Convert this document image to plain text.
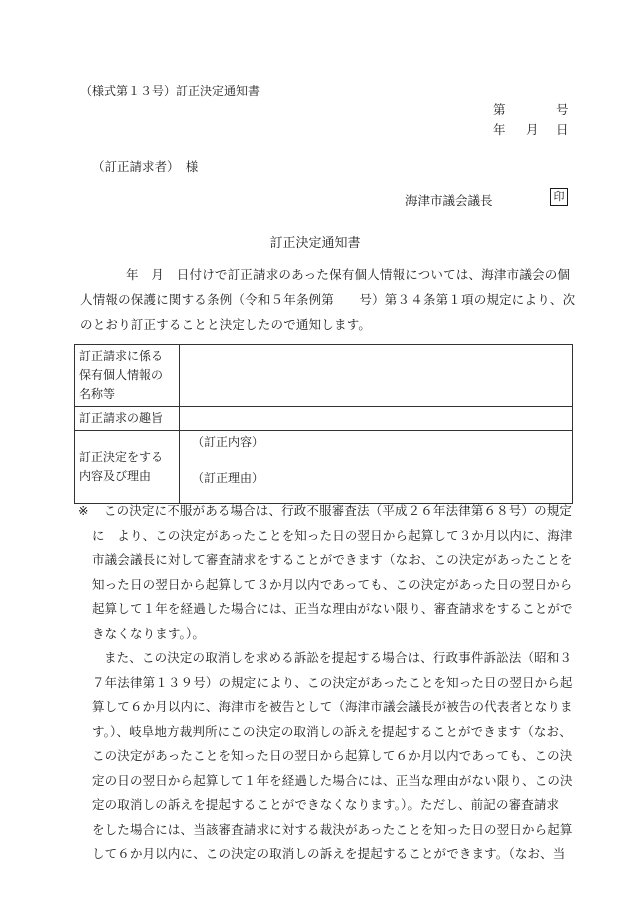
（様式第１３号）訂正決定通知書
第	号
年 月 日
（訂正請求者）　様
海津市議会議長	印
訂正決定通知書
年　月　日付けで訂正請求のあった保有個人情報については、海津市議会の個
人情報の保護に関する条例（令和５年条例第　　号）第３４条第１項の規定により、次
のとおり訂正することと決定したので通知します。
訂正請求に係る
保有個人情報の
名称等	

訂正請求の趣旨	

訂正決定をする
内容及び理由	（訂正内容）
（訂正理由）
※	この決定に不服がある場合は、行政不服審査法（平成２６年法律第６８号）の規定
に　より、この決定があったことを知った日の翌日から起算して３か月以内に、海津
市議会議長に対して審査請求をすることができます（なお、この決定があったことを
知った日の翌日から起算して３か月以内であっても、この決定があった日の翌日から
起算して１年を経過した場合には、正当な理由がない限り、審査請求をすることがで
きなくなります。）。
また、この決定の取消しを求める訴訟を提起する場合は、行政事件訴訟法（昭和３
７年法律第１３９号）の規定により、この決定があったことを知った日の翌日から起
算して６か月以内に、海津市を被告として（海津市議会議長が被告の代表者となりま
す。）、岐阜地方裁判所にこの決定の取消しの訴えを提起することができます（なお、
この決定があったことを知った日の翌日から起算して６か月以内であっても、この決
定の日の翌日から起算して１年を経過した場合には、正当な理由がない限り、この決
定の取消しの訴えを提起することができなくなります。）。ただし、前記の審査請求
をした場合には、当該審査請求に対する裁決があったことを知った日の翌日から起算
して６か月以内に、この決定の取消しの訴えを提起することができます。（なお、当
